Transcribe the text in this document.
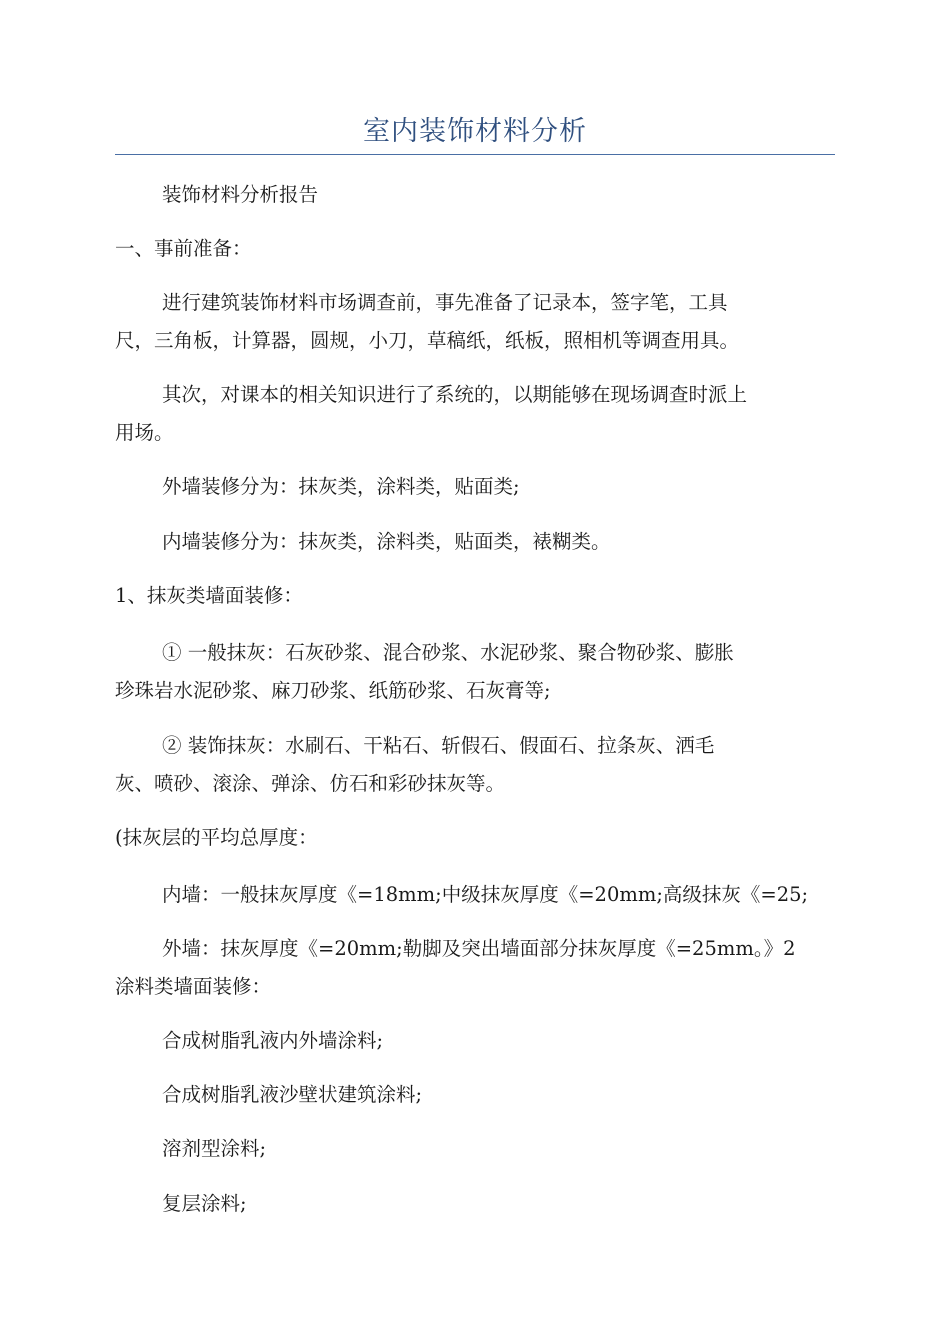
室内装饰材料分析
装饰材料分析报告
一、事前准备：
进行建筑装饰材料市场调查前，事先准备了记录本，签字笔，工具
尺，三角板，计算器，圆规，小刀，草稿纸，纸板，照相机等调查用具。
其次，对课本的相关知识进行了系统的，以期能够在现场调查时派上
用场。
外墙装修分为：抹灰类，涂料类，贴面类;
内墙装修分为：抹灰类，涂料类，贴面类，裱糊类。
1、抹灰类墙面装修：
① 一般抹灰：石灰砂浆、混合砂浆、水泥砂浆、聚合物砂浆、膨胀
珍珠岩水泥砂浆、麻刀砂浆、纸筋砂浆、石灰膏等;
② 装饰抹灰：水刷石、干粘石、斩假石、假面石、拉条灰、洒毛
灰、喷砂、滚涂、弹涂、仿石和彩砂抹灰等。
(抹灰层的平均总厚度：
内墙：一般抹灰厚度《=18mm;中级抹灰厚度《=20mm;高级抹灰《=25;
外墙：抹灰厚度《=20mm;勒脚及突出墙面部分抹灰厚度《=25mm。》2
涂料类墙面装修：
合成树脂乳液内外墙涂料;
合成树脂乳液沙壁状建筑涂料;
溶剂型涂料;
复层涂料;
